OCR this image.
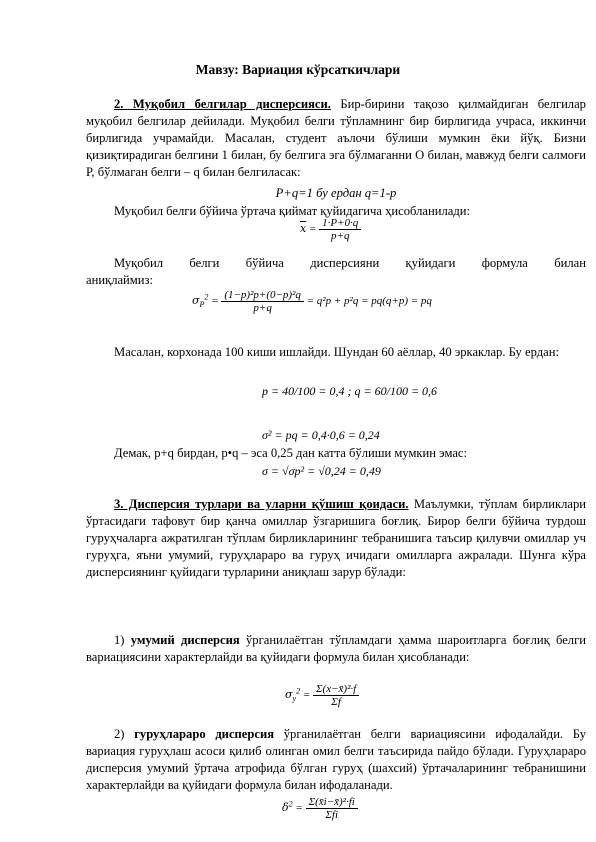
Мавзу: Вариация кўрсаткичлари
2. Муқобил белгилар дисперсияси. Бир-бирини тақозо қилмайдиган белгилар муқобил белгилар дейилади. Муқобил белги тўпламнинг бир бирлигида учраса, иккинчи бирлигида учрамайди. Масалан, студент аълочи бўлиши мумкин ёки йўқ. Бизни қизиқтирадиган белгини 1 билан, бу белгига эга бўлмаганни О билан, мавжуд белги салмоғи Р, бўлмаган белги – q билан белгиласак:
P+q=1 бу ердан q=1-p
Муқобил белги бўйича ўртача қиймат қуйидагича ҳисобланилади:
$\overline{x} = \frac{1\cdot P+0\cdot q}{p+q}$
Муқобил белги бўйича дисперсияни қуйидаги формула билан аниқлаймиз:
$\sigma_P^2 = \frac{\text{(1−p)²p+(0−p)²q}}{p+q} = q^2p + p^2q = pq(q+p)$ = pq
Масалан, корхонада 100 киши ишлайди. Шундан 60 аёллар, 40 эркаклар. Бу ердан:
p = 40/100 = 0,4 ; q = 60/100 = 0,6
σ² = pq = 0,4·0,6 = 0,24
Демак, p+q бирдан, p•q – эса 0,25 дан катта бўлиши мумкин эмас:
σ = √σp² = √0,24 = 0,49
3. Дисперсия турлари ва уларни қўшиш қоидаси. Маълумки, тўплам бирликлари ўртасидаги тафовут бир қанча омиллар ўзгаришига боғлиқ. Бирор белги бўйича турдош гуруҳчаларга ажратилган тўплам бирликларининг тебранишига таъсир қилувчи омиллар уч гуруҳга, яъни умумий, гуруҳлараро ва гуруҳ ичидаги омилларга ажралади. Шунга кўра дисперсиянинг қуйидаги турларини аниқлаш зарур бўлади:
1) умумий дисперсия ўрганилаётган тўпламдаги ҳамма шароитларга боғлиқ белги вариациясини характерлайди ва қуйидаги формула билан ҳисобланади:
$\sigma_y^2 = \frac{\text{Σ(x−x̄)²·f}}{\Sigma f}$
2) гуруҳлараро дисперсия ўрганилаётган белги вариациясини ифодалайди. Бу вариация гуруҳлаш асоси қилиб олинган омил белги таъсирида пайдо бўлади. Гуруҳлараро дисперсия умумий ўртача атрофида бўлган гуруҳ (шахсий) ўртачаларининг тебранишини характерлайди ва қуйидаги формула билан ифодаланади.
$\delta^2 = \frac{\text{Σ(x̄i−x̄)²·fi}}{\text{Σfi}}$
